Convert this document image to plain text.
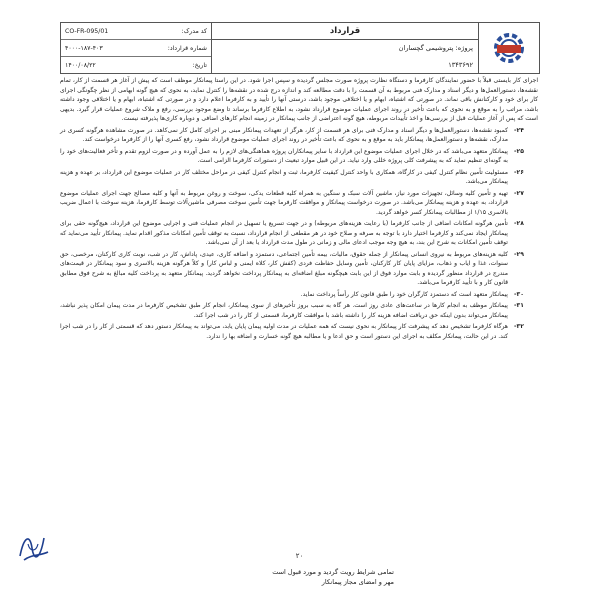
کد مدرک:
CO-FR-095/01
شماره قرارداد:
۴۰۰۰-۱۸۷-۴۰۳
تاریخ:
۱۴۰۰/۰۸/۲۲
قرارداد
پروژه: پتروشیمی گچساران
۱۳۴۳۶۹۲
اجرای کار بایستی قبلاً با حضور نمایندگان کارفرما و دستگاه نظارت پروژه صورت مجلس گردیده و سپس اجرا شود. در این راستا پیمانکار موظف است که پیش از آغاز هر قسمت از کار، تمام نقشه‌ها، دستورالعمل‌ها و دیگر اسناد و مدارک فنی مربوط به آن قسمت را با دقت مطالعه کند و اندازه درج شده در نقشه‌ها را کنترل نماید، به نحوی که هیچ گونه ابهامی از نظر چگونگی اجرای کار برای خود و کارکنانش باقی نماند. در صورتی که اشتباه، ابهام و یا اختلافی موجود باشد، درستی آنها را تأیید و به کارفرما اعلام دارد و در صورتی که اشتباه، ابهام و یا اختلافی وجود داشته باشد، مراتب را به موقع و به نحوی که باعث تأخیر در روند اجرای عملیات موضوع قرارداد نشود، به اطلاع کارفرما برساند تا وضع موجود بررسی، رفع و ملاک شروع عملیات قرار گیرد. بدیهی است که پس از آغاز عملیات قبل از بررسی‌ها و اخذ تأییدات مربوطه، هیچ گونه اعتراضی از جانب پیمانکار در زمینه انجام کارهای اضافی و دوباره کاری‌ها پذیرفته نیست.
۲۴-
کمبود نقشه‌ها، دستورالعمل‌ها و دیگر اسناد و مدارک فنی برای هر قسمت از کار، هرگز از تعهدات پیمانکار مبنی بر اجرای کامل کار نمی‌کاهد. در صورت مشاهده هرگونه کسری در مدارک، نقشه‌ها و دستورالعمل‌ها، پیمانکار باید به موقع و به نحوی که باعث تأخیر در روند اجرای عملیات موضوع قرارداد نشود، رفع کسری آنها را از کارفرما درخواست کند.
۲۵-
پیمانکار متعهد می‌باشد که در خلال اجرای عملیات موضوع این قرارداد با سایر پیمانکاران پروژه هماهنگی‌های لازم را به عمل آورده و در صورت لزوم تقدم و تأخر فعالیت‌های خود را به گونه‌ای تنظیم نماید که به پیشرفت کلی پروژه خللی وارد نیاید. در این قبیل موارد تبعیت از دستورات کارفرما الزامی است.
۲۶-
مسئولیت تأمین نظام کنترل کیفی در کارگاه، همکاری با واحد کنترل کیفیت کارفرما، ثبت و انجام کنترل کیفی در مراحل مختلف کار در عملیات موضوع این قرارداد، بر عهده و هزینه پیمانکار می‌باشد.
۲۷-
تهیه و تأمین کلیه وسائل، تجهیزات مورد نیاز، ماشین آلات سبک و سنگین به همراه کلیه قطعات یدکی، سوخت و روغن مربوط به آنها و کلیه مصالح جهت اجرای عملیات موضوع قرارداد، به عهده و هزینه پیمانکار می‌باشد. در صورت درخواست پیمانکار و موافقت کارفرما جهت تأمین سوخت مصرفی ماشین‌آلات توسط کارفرما، هزینه سوخت با اعمال ضریب بالاسری ۱/۱۵ از مطالبات پیمانکار کسر خواهد گردید.
۲۸-
تأمین هرگونه امکانات اضافی از جانب کارفرما (با رعایت هزینه‌های مربوطه) و در جهت تسریع یا تسهیل در انجام عملیات فنی و اجرایی موضوع این قرارداد، هیچ‌گونه حقی برای پیمانکار ایجاد نمی‌کند و کارفرما اختیار دارد با توجه به صرفه و صلاح خود در هر مقطعی از انجام قرارداد، نسبت به توقف تأمین امکانات مذکور اقدام نماید. پیمانکار تأیید می‌نماید که توقف تأمین امکانات به شرح این بند، به هیچ وجه موجب ادعای مالی و زمانی در طول مدت قرارداد یا بعد از آن نمی‌باشد.
۲۹-
کلیه هزینه‌های مربوط به نیروی انسانی پیمانکار از جمله حقوق، مالیات، بیمه تأمین اجتماعی، دستمزد و اضافه کاری، عیدی، پاداش، کار در شب، نوبت کاری کارکنان، مرخصی، حق سنوات، غذا و ایاب و ذهاب، مزایای پایان کار کارکنان، تأمین وسایل حفاظت فردی (کفش کار، کلاه ایمنی و لباس کار) و کلاً هرگونه هزینه بالاسری و سود پیمانکار در قیمت‌های مندرج در قرارداد منظور گردیده و بابت موارد فوق از این بابت هیچگونه مبلغ اضافه‌ای به پیمانکار پرداخت نخواهد گردید. پیمانکار متعهد به پرداخت کلیه مبالغ به شرح فوق مطابق قانون کار و با تأیید کارفرما می‌باشد.
۳۰-
پیمانکار متعهد است که دستمزد کارگران خود را طبق قانون کار رأساً پرداخت نماید.
۳۱-
پیمانکار موظف به انجام کارها در ساعت‌های عادی روز است. هر گاه به سبب بروز تأخیرهای از سوی پیمانکار، انجام کار طبق تشخیص کارفرما در مدت پیمان امکان پذیر نباشد، پیمانکار می‌تواند بدون اینکه حق دریافت اضافه هزینه کار را داشته باشد با موافقت کارفرما، قسمتی از کار را در شب اجرا کند.
۳۲-
هرگاه کارفرما تشخیص دهد که پیشرفت کار پیمانکار به نحوی نیست که همه عملیات در مدت اولیه پیمان پایان یابد، می‌تواند به پیمانکار دستور دهد که قسمتی از کار را در شب اجرا کند. در این حالت، پیمانکار مکلف به اجرای این دستور است و حق ادعا و یا مطالبه هیچ گونه خسارت و اضافه بها را ندارد.
۲۰
تمامی شرایط رویت گردید و مورد قبول است
مهر و امضای مجاز پیمانکار
